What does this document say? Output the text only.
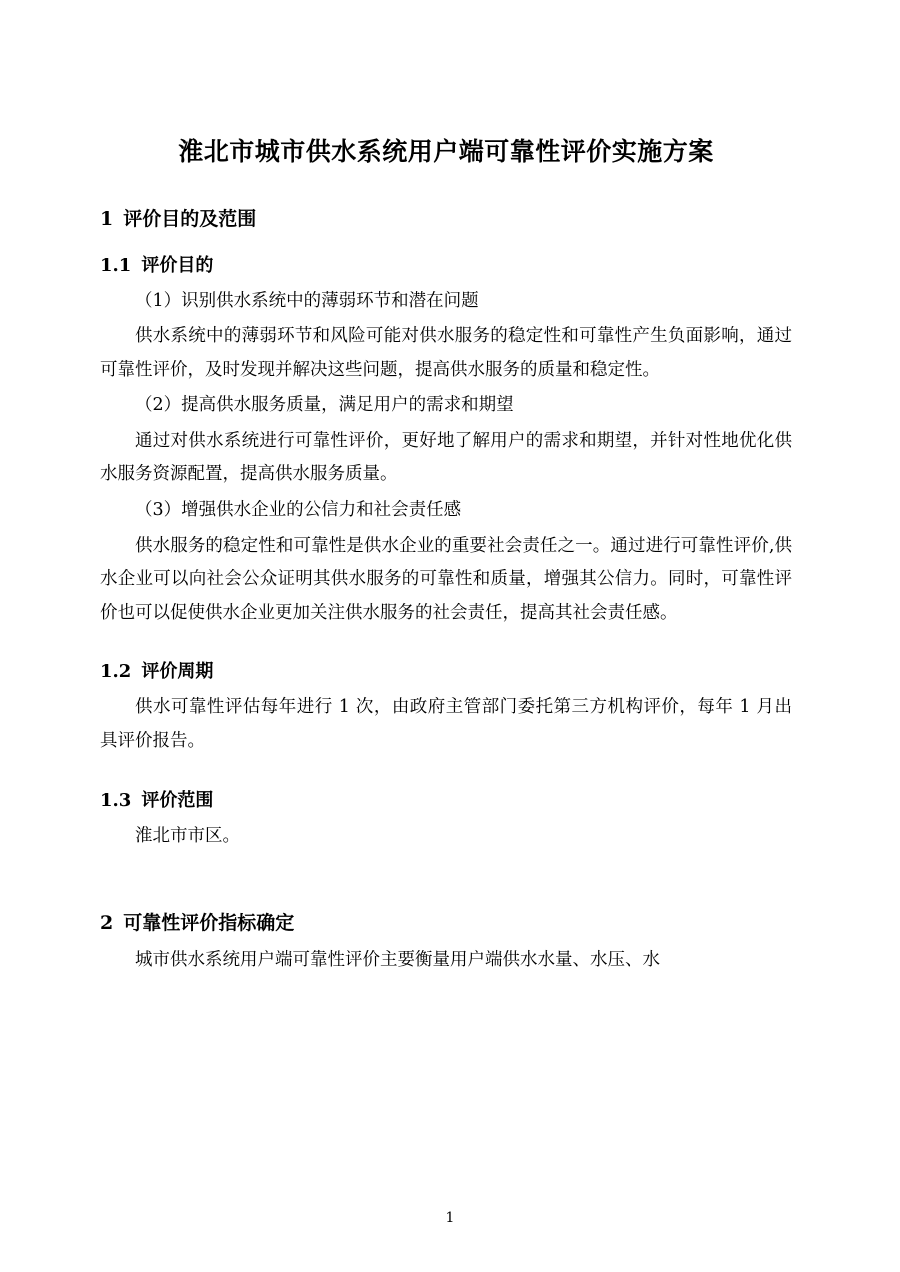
淮北市城市供水系统用户端可靠性评价实施方案
1 评价目的及范围
1.1 评价目的

（1）识别供水系统中的薄弱环节和潜在问题

供水系统中的薄弱环节和风险可能对供水服务的稳定性和可靠性产生负面影响，通过可靠性评价，及时发现并解决这些问题，提高供水服务的质量和稳定性。

（2）提高供水服务质量，满足用户的需求和期望

通过对供水系统进行可靠性评价，更好地了解用户的需求和期望，并针对性地优化供水服务资源配置，提高供水服务质量。

（3）增强供水企业的公信力和社会责任感

供水服务的稳定性和可靠性是供水企业的重要社会责任之一。通过进行可靠性评价,供水企业可以向社会公众证明其供水服务的可靠性和质量，增强其公信力。同时，可靠性评价也可以促使供水企业更加关注供水服务的社会责任，提高其社会责任感。

1.2 评价周期

供水可靠性评估每年进行 1 次，由政府主管部门委托第三方机构评价，每年 1 月出具评价报告。

1.3 评价范围

淮北市市区。

2 可靠性评价指标确定

城市供水系统用户端可靠性评价主要衡量用户端供水水量、水压、水

1
